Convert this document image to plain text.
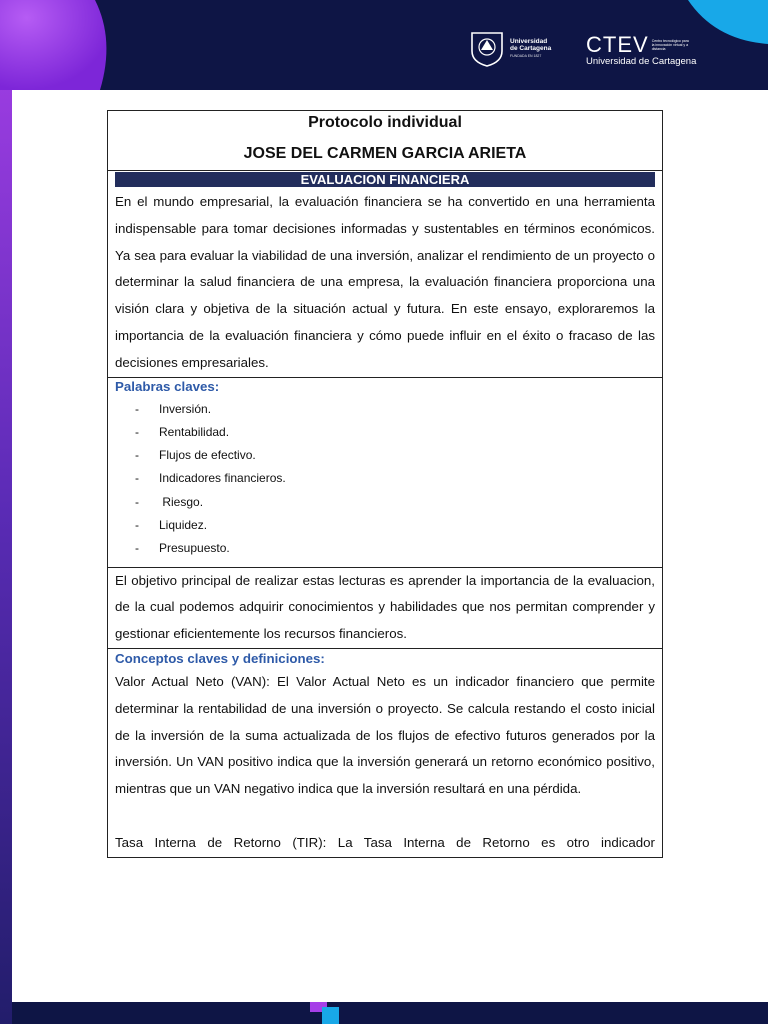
Universidad
de Cartagena
FUNDADA EN 1827	CTEV Centro tecnológico para la innovación virtual y a distancia
Universidad de Cartagena
Protocolo individual
JOSE DEL CARMEN GARCIA ARIETA

EVALUACION FINANCIERA

En el mundo empresarial, la evaluación financiera se ha convertido en una herramienta indispensable para tomar decisiones informadas y sustentables en términos económicos. Ya sea para evaluar la viabilidad de una inversión, analizar el rendimiento de un proyecto o determinar la salud financiera de una empresa, la evaluación financiera proporciona una visión clara y objetiva de la situación actual y futura. En este ensayo, exploraremos la importancia de la evaluación financiera y cómo puede influir en el éxito o fracaso de las decisiones empresariales.

Palabras claves:
- Inversión.
- Rentabilidad.
- Flujos de efectivo.
- Indicadores financieros.
- Riesgo.
- Liquidez.
- Presupuesto.

El objetivo principal de realizar estas lecturas es aprender la importancia de la evaluacion, de la cual podemos adquirir conocimientos y habilidades que nos permitan comprender y gestionar eficientemente los recursos financieros.

Conceptos claves y definiciones:

Valor Actual Neto (VAN): El Valor Actual Neto es un indicador financiero que permite determinar la rentabilidad de una inversión o proyecto. Se calcula restando el costo inicial de la inversión de la suma actualizada de los flujos de efectivo futuros generados por la inversión. Un VAN positivo indica que la inversión generará un retorno económico positivo, mientras que un VAN negativo indica que la inversión resultará en una pérdida.

Tasa Interna de Retorno (TIR): La Tasa Interna de Retorno es otro indicador
